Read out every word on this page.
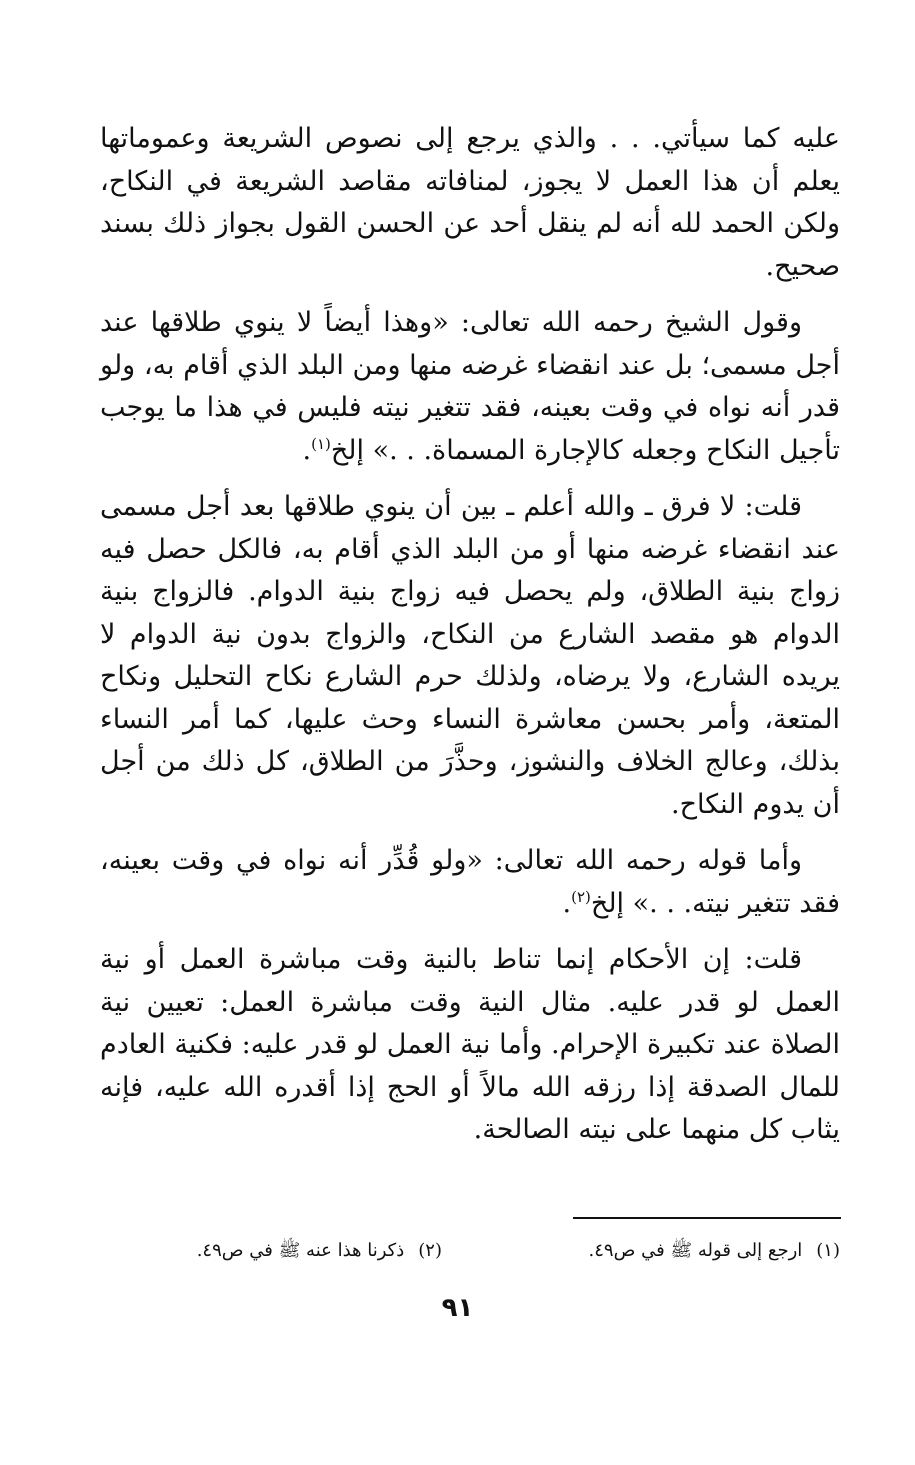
عليه كما سيأتي. . . والذي يرجع إلى نصوص الشريعة وعموماتها يعلم أن هذا العمل لا يجوز، لمنافاته مقاصد الشريعة في النكاح، ولكن الحمد لله أنه لم ينقل أحد عن الحسن القول بجواز ذلك بسند صحيح.

وقول الشيخ رحمه الله تعالى: «وهذا أيضاً لا ينوي طلاقها عند أجل مسمى؛ بل عند انقضاء غرضه منها ومن البلد الذي أقام به، ولو قدر أنه نواه في وقت بعينه، فقد تتغير نيته فليس في هذا ما يوجب تأجيل النكاح وجعله كالإجارة المسماة. . .» إلخ$^{(١)}$.

قلت: لا فرق ـ والله أعلم ـ بين أن ينوي طلاقها بعد أجل مسمى عند انقضاء غرضه منها أو من البلد الذي أقام به، فالكل حصل فيه زواج بنية الطلاق، ولم يحصل فيه زواج بنية الدوام. فالزواج بنية الدوام هو مقصد الشارع من النكاح، والزواج بدون نية الدوام لا يريده الشارع، ولا يرضاه، ولذلك حرم الشارع نكاح التحليل ونكاح المتعة، وأمر بحسن معاشرة النساء وحث عليها، كما أمر النساء بذلك، وعالج الخلاف والنشوز، وحذَّرَ من الطلاق، كل ذلك من أجل أن يدوم النكاح.

وأما قوله رحمه الله تعالى: «ولو قُدِّر أنه نواه في وقت بعينه، فقد تتغير نيته. . .» إلخ$^{(٢)}$.

قلت: إن الأحكام إنما تناط بالنية وقت مباشرة العمل أو نية العمل لو قدر عليه. مثال النية وقت مباشرة العمل: تعيين نية الصلاة عند تكبيرة الإحرام. وأما نية العمل لو قدر عليه: فكنية العادم للمال الصدقة إذا رزقه الله مالاً أو الحج إذا أقدره الله عليه، فإنه يثاب كل منهما على نيته الصالحة.

(١)ارجع إلى قوله ﷺ في ص٤٩.
(٢)ذكرنا هذا عنه ﷺ في ص٤٩.
٩١
